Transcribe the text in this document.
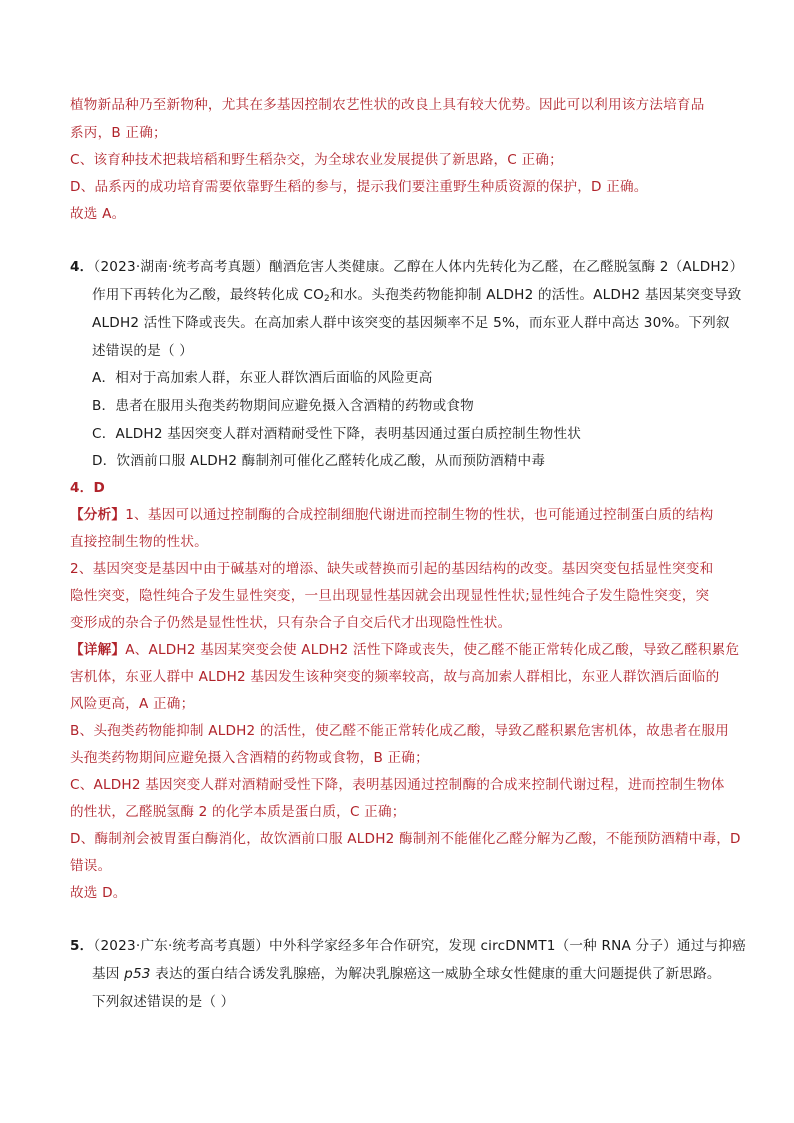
植物新品种乃至新物种，尤其在多基因控制农艺性状的改良上具有较大优势。因此可以利用该方法培育品
系丙，B 正确；
C、该育种技术把栽培稻和野生稻杂交，为全球农业发展提供了新思路，C 正确；
D、品系丙的成功培育需要依靠野生稻的参与，提示我们要注重野生种质资源的保护，D 正确。
故选 A。
4．（2023·湖南·统考高考真题）酗酒危害人类健康。乙醇在人体内先转化为乙醛，在乙醛脱氢酶 2（ALDH2）
作用下再转化为乙酸，最终转化成 $CO_2$和水。头孢类药物能抑制 ALDH2 的活性。ALDH2 基因某突变导致
ALDH2 活性下降或丧失。在高加索人群中该突变的基因频率不足 5%，而东亚人群中高达 30%。下列叙
述错误的是（ ）
A．相对于高加索人群，东亚人群饮酒后面临的风险更高
B．患者在服用头孢类药物期间应避免摄入含酒精的药物或食物
C．ALDH2 基因突变人群对酒精耐受性下降，表明基因通过蛋白质控制生物性状
D．饮酒前口服 ALDH2 酶制剂可催化乙醛转化成乙酸，从而预防酒精中毒
4．D
【分析】1、基因可以通过控制酶的合成控制细胞代谢进而控制生物的性状，也可能通过控制蛋白质的结构
直接控制生物的性状。
2、基因突变是基因中由于碱基对的增添、缺失或替换而引起的基因结构的改变。基因突变包括显性突变和
隐性突变，隐性纯合子发生显性突变，一旦出现显性基因就会出现显性性状;显性纯合子发生隐性突变，突
变形成的杂合子仍然是显性性状，只有杂合子自交后代才出现隐性性状。
【详解】A、ALDH2 基因某突变会使 ALDH2 活性下降或丧失，使乙醛不能正常转化成乙酸，导致乙醛积累危
害机体，东亚人群中 ALDH2 基因发生该种突变的频率较高，故与高加索人群相比，东亚人群饮酒后面临的
风险更高，A 正确；
B、头孢类药物能抑制 ALDH2 的活性，使乙醛不能正常转化成乙酸，导致乙醛积累危害机体，故患者在服用
头孢类药物期间应避免摄入含酒精的药物或食物，B 正确；
C、ALDH2 基因突变人群对酒精耐受性下降，表明基因通过控制酶的合成来控制代谢过程，进而控制生物体
的性状，乙醛脱氢酶 2 的化学本质是蛋白质，C 正确；
D、酶制剂会被胃蛋白酶消化，故饮酒前口服 ALDH2 酶制剂不能催化乙醛分解为乙酸，不能预防酒精中毒，D
错误。
故选 D。
5．（2023·广东·统考高考真题）中外科学家经多年合作研究，发现 circDNMT1（一种 RNA 分子）通过与抑癌
基因 p53 表达的蛋白结合诱发乳腺癌，为解决乳腺癌这一威胁全球女性健康的重大问题提供了新思路。
下列叙述错误的是（ ）
